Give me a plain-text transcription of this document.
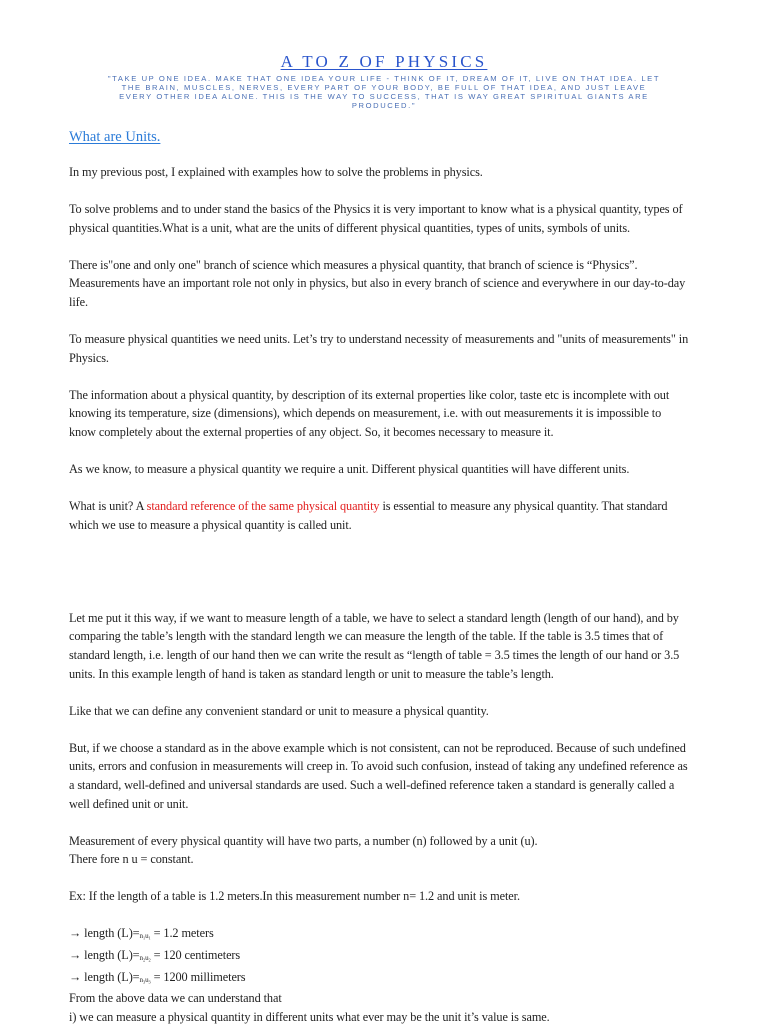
A TO Z OF PHYSICS
"TAKE UP ONE IDEA. MAKE THAT ONE IDEA YOUR LIFE - THINK OF IT, DREAM OF IT, LIVE ON THAT IDEA. LET THE BRAIN, MUSCLES, NERVES, EVERY PART OF YOUR BODY, BE FULL OF THAT IDEA, AND JUST LEAVE EVERY OTHER IDEA ALONE. THIS IS THE WAY TO SUCCESS, THAT IS WAY GREAT SPIRITUAL GIANTS ARE PRODUCED."
What are Units.

In my previous post, I explained with examples how to solve the problems in physics.

To solve problems and to under stand the basics of the Physics it is very important to know what is a physical quantity, types of physical quantities.What is a unit, what are the units of different physical quantities, types of units, symbols of units.

There is"one and only one" branch of science which measures a physical quantity, that branch of science is “Physics”. Measurements have an important role not only in physics, but also in every branch of science and everywhere in our day-to-day life.

To measure physical quantities we need units. Let’s try to understand necessity of measurements and "units of measurements" in Physics.

The information about a physical quantity, by description of its external properties like color, taste etc is incomplete with out knowing its temperature, size (dimensions), which depends on measurement, i.e. with out measurements it is impossible to know completely about the external properties of any object. So, it becomes necessary to measure it.

As we know, to measure a physical quantity we require a unit. Different physical quantities will have different units.

What is unit? A standard reference of the same physical quantity is essential to measure any physical quantity. That standard which we use to measure a physical quantity is called unit.

Let me put it this way, if we want to measure length of a table, we have to select a standard length (length of our hand), and by comparing the table’s length with the standard length we can measure the length of the table. If the table is 3.5 times that of standard length, i.e. length of our hand then we can write the result as “length of table = 3.5 times the length of our hand or 3.5 units. In this example length of hand is taken as standard length or unit to measure the table’s length.

Like that we can define any convenient standard or unit to measure a physical quantity.

But, if we choose a standard as in the above example which is not consistent, can not be reproduced. Because of such undefined units, errors and confusion in measurements will creep in. To avoid such confusion, instead of taking any undefined reference as a standard, well-defined and universal standards are used. Such a well-defined reference taken a standard is generally called a well defined unit or unit.

Measurement of every physical quantity will have two parts, a number (n) followed by a unit (u).
There fore n u = constant.

Ex: If the length of a table is 1.2 meters.In this measurement number n= 1.2 and unit is meter.

→ length (L)=n₁u₁ = 1.2 meters
→ length (L)=n₂u₂ = 120 centimeters
→ length (L)=n₃u₃ = 1200 millimeters
From the above data we can understand that
i) we can measure a physical quantity in different units what ever may be the unit it’s value is same.
